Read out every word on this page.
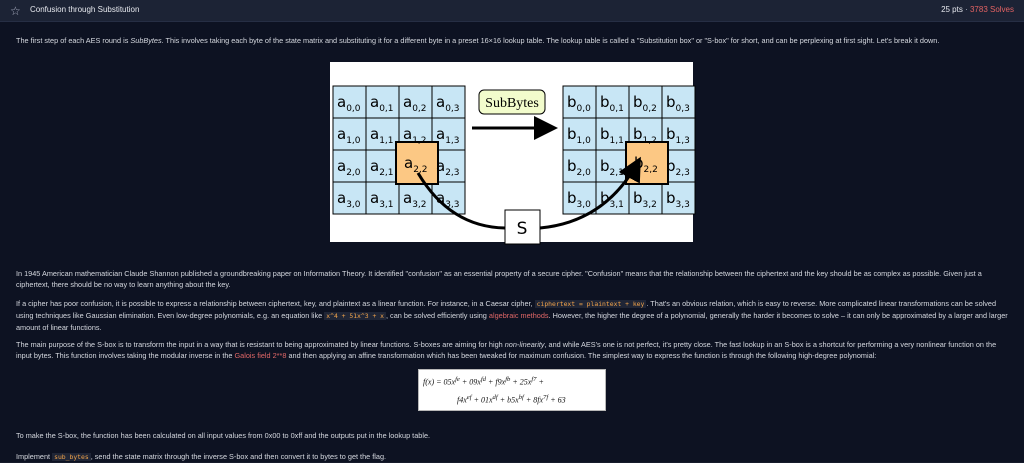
☆	Confusion through Substitution	25 pts · 3783 Solves

The first step of each AES round is SubBytes. This involves taking each byte of the state matrix and substituting it for a different byte in a preset 16×16 lookup table. The lookup table is called a "Substitution box" or "S-box" for short, and can be perplexing at first sight. Let's break it down.

$a_{0,0}$ $a_{0,1}$ $a_{0,2}$ $a_{0,3}$
$a_{1,0}$ $a_{1,1}$ $a_{1,2}$ $a_{1,3}$
$a_{2,0}$ $a_{2,1}$
$a_{2,2}$ $a_{2,3}$
$a_{3,0}$ $a_{3,1}$ $a_{3,2}$ $a_{3,3}$
$b_{0,0}$ $b_{0,1}$ $b_{0,2}$ $b_{0,3}$
$b_{1,0}$ $b_{1,1}$ $b_{1,2}$ $b_{1,3}$
$b_{2,0}$ $b_{2,1}$
$b_{2,2}$ $b_{2,3}$
$b_{3,0}$ $b_{3,1}$ $b_{3,2}$ $b_{3,3}$
SubBytes
S

In 1945 American mathematician Claude Shannon published a groundbreaking paper on Information Theory. It identified "confusion" as an essential property of a secure cipher. "Confusion" means that the relationship between the ciphertext and the key should be as complex as possible. Given just a ciphertext, there should be no way to learn anything about the key.

If a cipher has poor confusion, it is possible to express a relationship between ciphertext, key, and plaintext as a linear function. For instance, in a Caesar cipher, ciphertext = plaintext + key . That's an obvious relation, which is easy to reverse. More complicated linear transformations can be solved using techniques like Gaussian elimination. Even low-degree polynomials, e.g. an equation like x^4 + 51x^3 + x , can be solved efficiently using algebraic methods. However, the higher the degree of a polynomial, generally the harder it becomes to solve – it can only be approximated by a larger and larger amount of linear functions.

The main purpose of the S-box is to transform the input in a way that is resistant to being approximated by linear functions. S-boxes are aiming for high non-linearity, and while AES's one is not perfect, it's pretty close. The fast lookup in an S-box is a shortcut for performing a very nonlinear function on the input bytes. This function involves taking the modular inverse in the Galois field 2**8 and then applying an affine transformation which has been tweaked for maximum confusion. The simplest way to express the function is through the following high-degree polynomial:

$f(x) = 05x^{fe} + 09x^{fd} + f9x^{fb} + 25x^{f7}$ +
$f4x^{ef} + 01x^{df} + b5x^{bf} + 8fx^{7f} + 63$

To make the S-box, the function has been calculated on all input values from 0x00 to 0xff and the outputs put in the lookup table.

Implement sub_bytes , send the state matrix through the inverse S-box and then convert it to bytes to get the flag.
